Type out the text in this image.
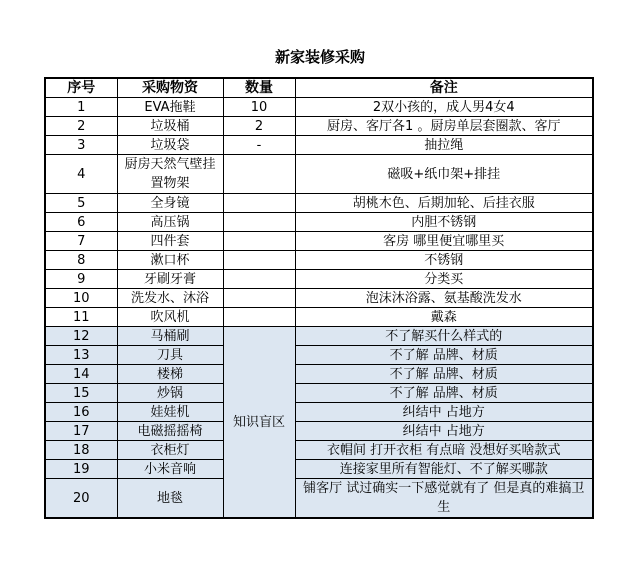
新家装修采购
序号	采购物资	数量	备注
1	EVA拖鞋	10	2双小孩的，成人男4女4
2	垃圾桶	2	厨房、客厅各1 。厨房单层套圈款、客厅
3	垃圾袋	-	抽拉绳
4	厨房天然气壁挂置物架		磁吸+纸巾架+排挂
5	全身镜		胡桃木色、后期加轮、后挂衣服
6	高压锅		内胆不锈钢
7	四件套		客房 哪里便宜哪里买
8	漱口杯		不锈钢
9	牙刷牙膏		分类买
10	洗发水、沐浴		泡沫沐浴露、氨基酸洗发水
11	吹风机		戴森
12	马桶刷	知识盲区	不了解买什么样式的
13	刀具		不了解 品牌、材质
14	楼梯		不了解 品牌、材质
15	炒锅		不了解 品牌、材质
16	娃娃机		纠结中 占地方
17	电磁摇摇椅		纠结中 占地方
18	衣柜灯		衣帽间 打开衣柜 有点暗 没想好买啥款式
19	小米音响		连接家里所有智能灯、不了解买哪款
20	地毯		铺客厅 试过确实一下感觉就有了 但是真的难搞卫生
